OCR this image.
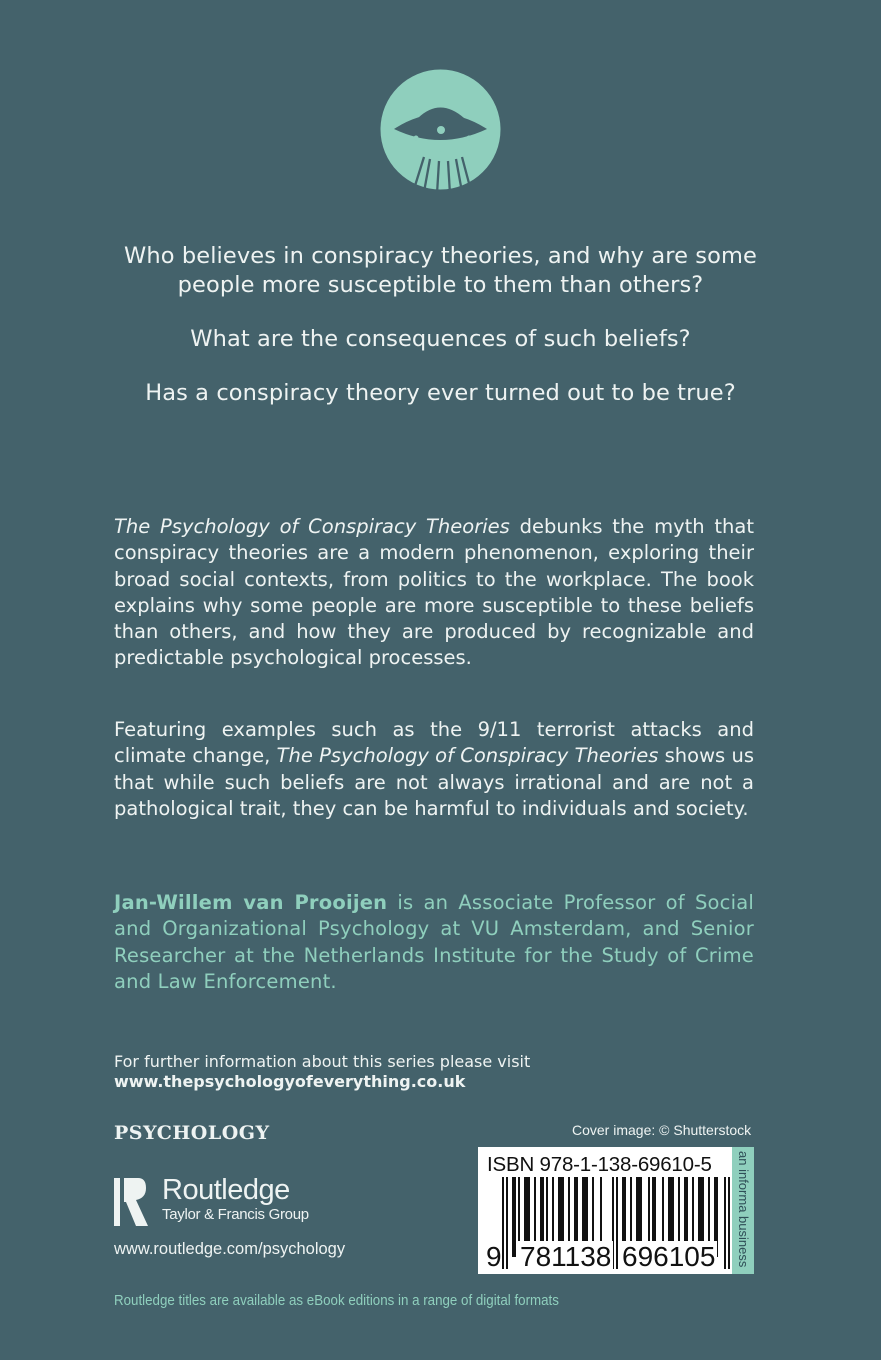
Who believes in conspiracy theories, and why are some people more susceptible to them than others?

What are the consequences of such beliefs?

Has a conspiracy theory ever turned out to be true?

The Psychology of Conspiracy Theories debunks the myth that conspiracy theories are a modern phenomenon, exploring their broad social contexts, from politics to the workplace. The book explains why some people are more susceptible to these beliefs than others, and how they are produced by recognizable and predictable psychological processes.

Featuring examples such as the 9/11 terrorist attacks and climate change, The Psychology of Conspiracy Theories shows us that while such beliefs are not always irrational and are not a pathological trait, they can be harmful to individuals and society.

Jan-Willem van Prooijen is an Associate Professor of Social and Organizational Psychology at VU Amsterdam, and Senior Researcher at the Netherlands Institute for the Study of Crime and Law Enforcement.

For further information about this series please visit
www.thepsychologyofeverything.co.uk
PSYCHOLOGY
Routledge
Taylor & Francis Group
www.routledge.com/psychology
Cover image: © Shutterstock
9 781138 696105 an informa business
ISBN 978-1-138-69610-5
Routledge titles are available as eBook editions in a range of digital formats
